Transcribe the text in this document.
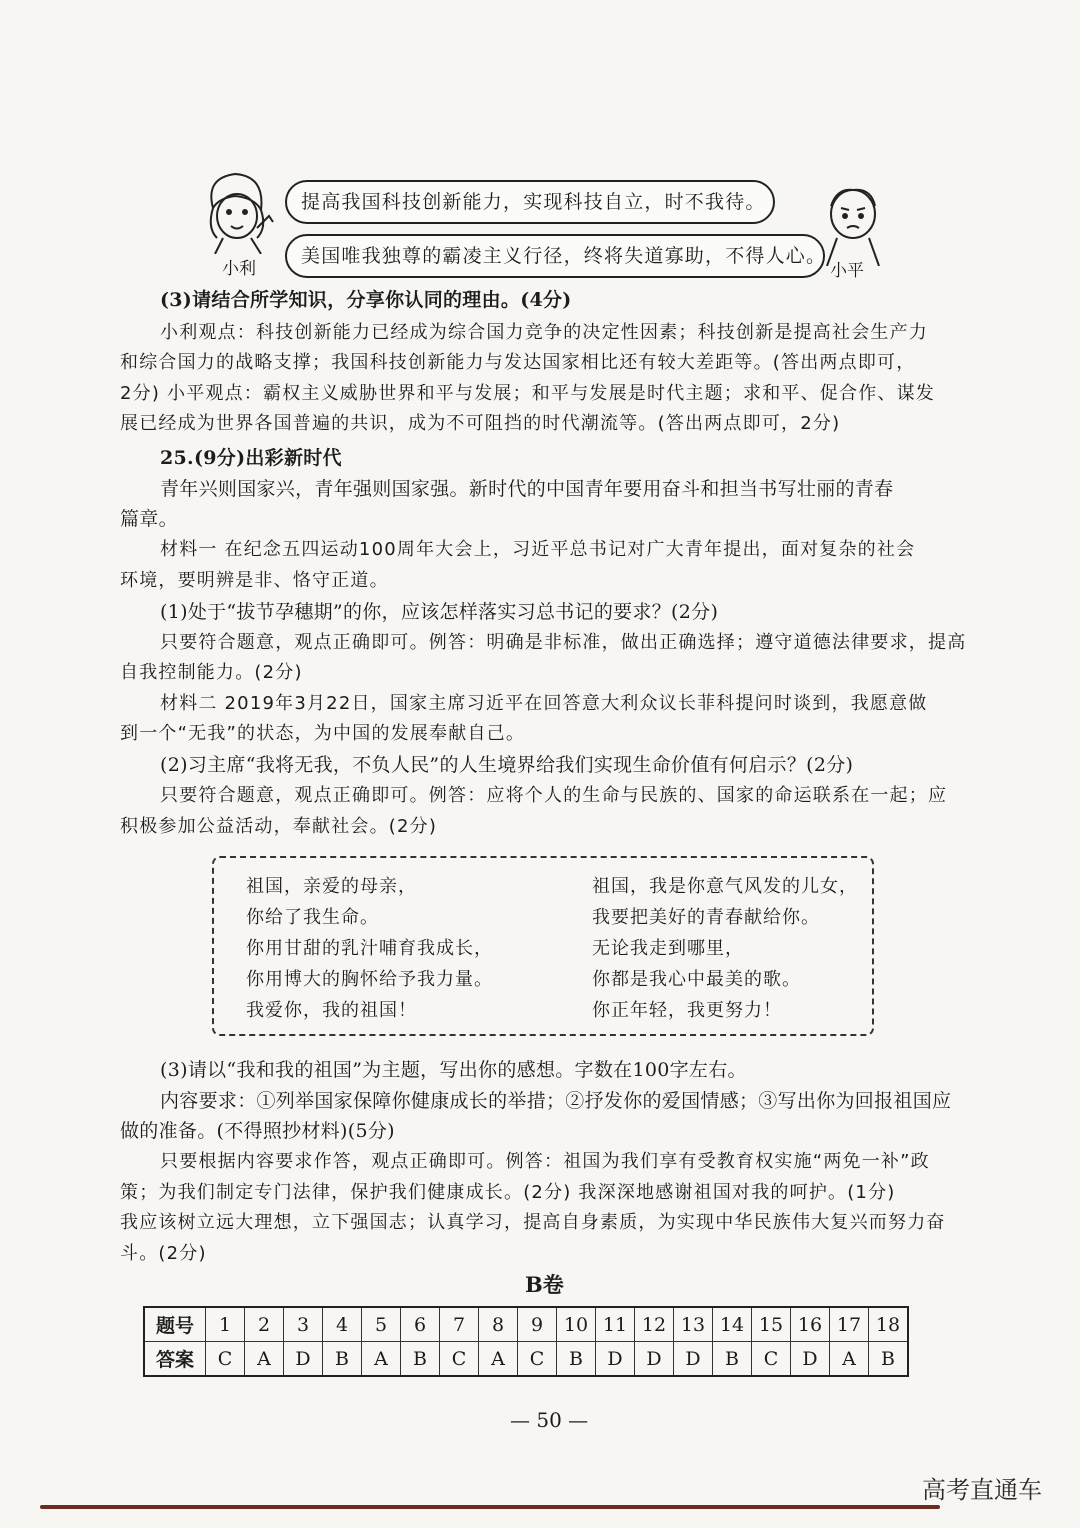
提高我国科技创新能力，实现科技自立，时不我待。
美国唯我独尊的霸凌主义行径，终将失道寡助，不得人心。
小利	小平
(3)请结合所学知识，分享你认同的理由。(4分)
小利观点：科技创新能力已经成为综合国力竞争的决定性因素；科技创新是提高社会生产力
和综合国力的战略支撑；我国科技创新能力与发达国家相比还有较大差距等。(答出两点即可，
2分) 小平观点：霸权主义威胁世界和平与发展；和平与发展是时代主题；求和平、促合作、谋发
展已经成为世界各国普遍的共识，成为不可阻挡的时代潮流等。(答出两点即可，2分)
25.(9分)出彩新时代
青年兴则国家兴，青年强则国家强。新时代的中国青年要用奋斗和担当书写壮丽的青春
篇章。
材料一 在纪念五四运动100周年大会上，习近平总书记对广大青年提出，面对复杂的社会
环境，要明辨是非、恪守正道。
(1)处于“拔节孕穗期”的你，应该怎样落实习总书记的要求？(2分)
只要符合题意，观点正确即可。例答：明确是非标准，做出正确选择；遵守道德法律要求，提高
自我控制能力。(2分)
材料二 2019年3月22日，国家主席习近平在回答意大利众议长菲科提问时谈到，我愿意做
到一个“无我”的状态，为中国的发展奉献自己。
(2)习主席“我将无我，不负人民”的人生境界给我们实现生命价值有何启示？(2分)
只要符合题意，观点正确即可。例答：应将个人的生命与民族的、国家的命运联系在一起；应
积极参加公益活动，奉献社会。(2分)
祖国，亲爱的母亲，
你给了我生命。
你用甘甜的乳汁哺育我成长，
你用博大的胸怀给予我力量。
我爱你，我的祖国！
祖国，我是你意气风发的儿女，
我要把美好的青春献给你。
无论我走到哪里，
你都是我心中最美的歌。
你正年轻，我更努力！
(3)请以“我和我的祖国”为主题，写出你的感想。字数在100字左右。
内容要求：①列举国家保障你健康成长的举措；②抒发你的爱国情感；③写出你为回报祖国应
做的准备。(不得照抄材料)(5分)
只要根据内容要求作答，观点正确即可。例答：祖国为我们享有受教育权实施“两免一补”政
策；为我们制定专门法律，保护我们健康成长。(2分) 我深深地感谢祖国对我的呵护。(1分)
我应该树立远大理想，立下强国志；认真学习，提高自身素质，为实现中华民族伟大复兴而努力奋
斗。(2分)
B卷
题号	1	2	3	4	5	6	7	8	9	10	11	12	13	14	15	16	17	18
答案	C	A	D	B	A	B	C	A	C	B	D	D	D	B	C	D	A	B
— 50 —
高考直通车
